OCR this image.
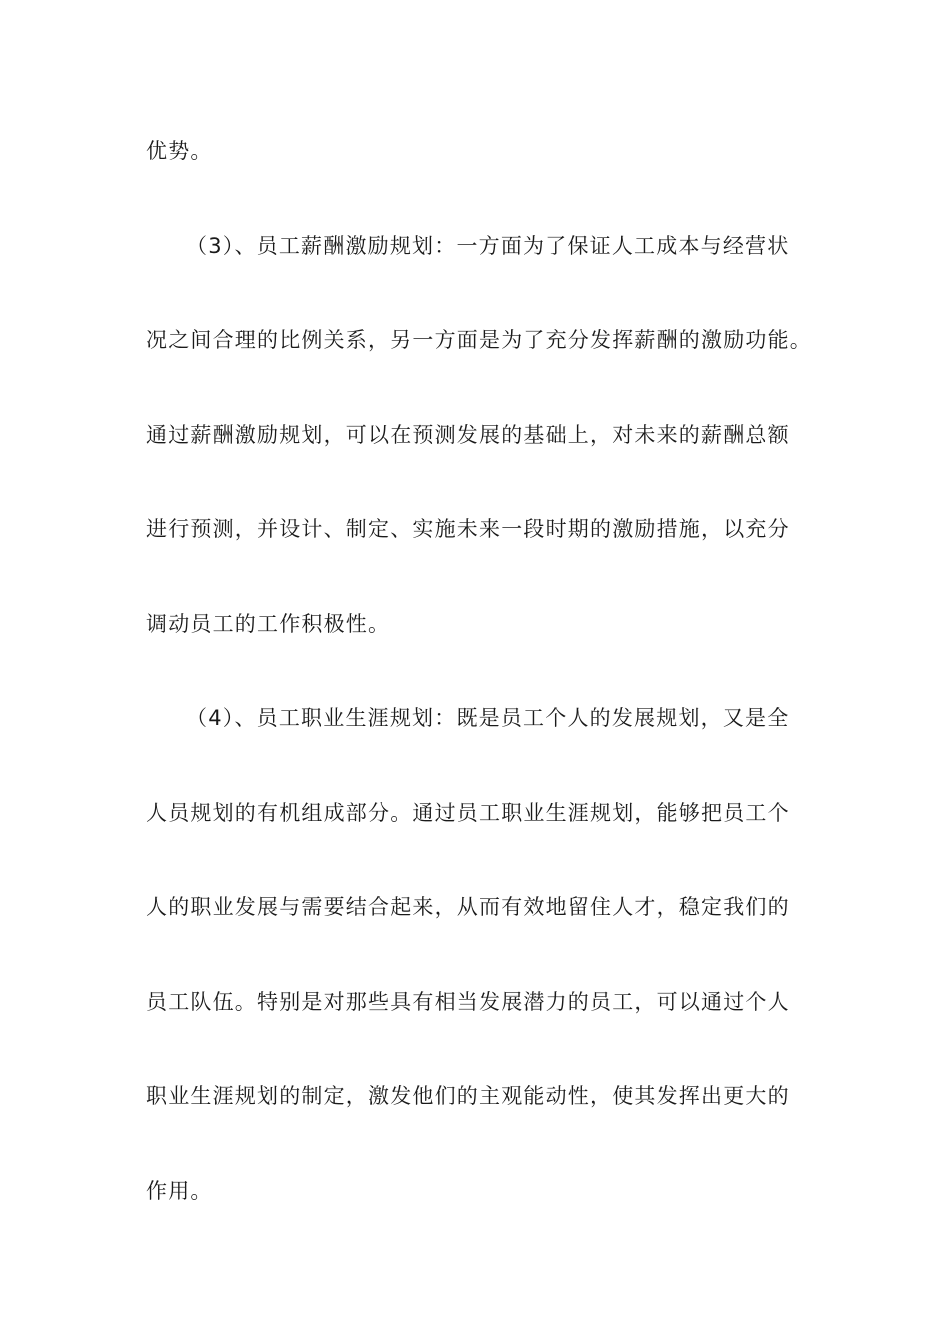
优势。
（3）、员工薪酬激励规划：一方面为了保证人工成本与经营状
况之间合理的比例关系，另一方面是为了充分发挥薪酬的激励功能。
通过薪酬激励规划，可以在预测发展的基础上，对未来的薪酬总额
进行预测，并设计、制定、实施未来一段时期的激励措施，以充分
调动员工的工作积极性。
（4）、员工职业生涯规划：既是员工个人的发展规划，又是全
人员规划的有机组成部分。通过员工职业生涯规划，能够把员工个
人的职业发展与需要结合起来，从而有效地留住人才，稳定我们的
员工队伍。特别是对那些具有相当发展潜力的员工，可以通过个人
职业生涯规划的制定，激发他们的主观能动性，使其发挥出更大的
作用。
